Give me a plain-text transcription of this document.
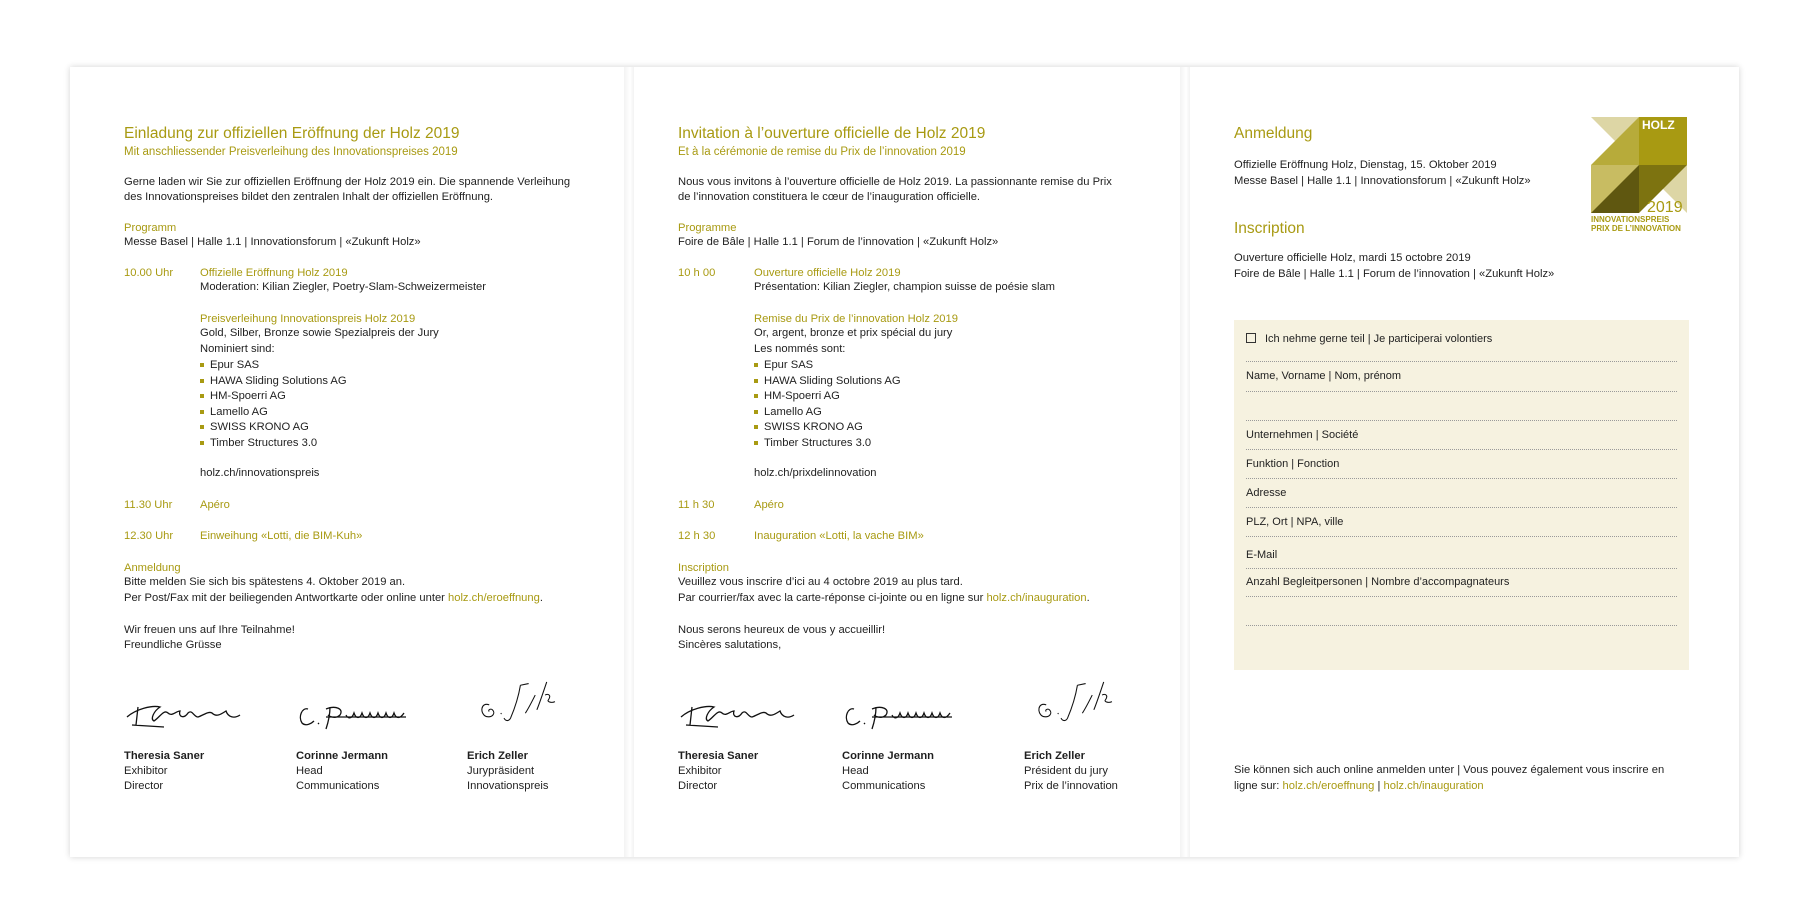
Einladung zur offiziellen Eröffnung der Holz 2019
Mit anschliessender Preisverleihung des Innovationspreises 2019
Gerne laden wir Sie zur offiziellen Eröffnung der Holz 2019 ein. Die spannende Verleihung
des Innovationspreises bildet den zentralen Inhalt der offiziellen Eröffnung.
Programm
Messe Basel | Halle 1.1 | Innovationsforum | «Zukunft Holz»
10.00 Uhr Offizielle Eröffnung Holz 2019
Moderation: Kilian Ziegler, Poetry-Slam-Schweizermeister
Preisverleihung Innovationspreis Holz 2019
Gold, Silber, Bronze sowie Spezialpreis der Jury
Nominiert sind:
Epur SAS
HAWA Sliding Solutions AG
HM-Spoerri AG
Lamello AG
SWISS KRONO AG
Timber Structures 3.0
holz.ch/innovationspreis
11.30 Uhr Apéro
12.30 Uhr Einweihung «Lotti, die BIM-Kuh»
Anmeldung
Bitte melden Sie sich bis spätestens 4. Oktober 2019 an.
Per Post/Fax mit der beiliegenden Antwortkarte oder online unter holz.ch/eroeffnung.
Wir freuen uns auf Ihre Teilnahme!
Freundliche Grüsse
Theresia Saner
Exhibitor
Director
Corinne Jermann
Head
Communications
Erich Zeller
Jurypräsident
Innovationspreis
Invitation à l’ouverture officielle de Holz 2019
Et à la cérémonie de remise du Prix de l’innovation 2019
Nous vous invitons à l’ouverture officielle de Holz 2019. La passionnante remise du Prix
de l’innovation constituera le cœur de l’inauguration officielle.
Programme
Foire de Bâle | Halle 1.1 | Forum de l’innovation | «Zukunft Holz»
10 h 00	Ouverture officielle Holz 2019
Présentation: Kilian Ziegler, champion suisse de poésie slam
Remise du Prix de l’innovation Holz 2019
Or, argent, bronze et prix spécial du jury
Les nommés sont:
Epur SAS
HAWA Sliding Solutions AG
HM-Spoerri AG
Lamello AG
SWISS KRONO AG
Timber Structures 3.0
holz.ch/prixdelinnovation
11 h 30	Apéro
12 h 30	Inauguration «Lotti, la vache BIM»
Inscription
Veuillez vous inscrire d’ici au 4 octobre 2019 au plus tard.
Par courrier/fax avec la carte-réponse ci-jointe ou en ligne sur holz.ch/inauguration.
Nous serons heureux de vous y accueillir!
Sincères salutations,
Theresia Saner
Exhibitor
Director
Corinne Jermann
Head
Communications
Erich Zeller
Président du jury
Prix de l’innovation
Anmeldung
Offizielle Eröffnung Holz, Dienstag, 15. Oktober 2019
Messe Basel | Halle 1.1 | Innovationsforum | «Zukunft Holz»
Inscription
Ouverture officielle Holz, mardi 15 octobre 2019
Foire de Bâle | Halle 1.1 | Forum de l’innovation | «Zukunft Holz»
HOLZ
2019
INNOVATIONSPREIS
PRIX DE L’INNOVATION
Ich nehme gerne teil | Je participerai volontiers
Name, Vorname | Nom, prénom
Unternehmen | Société
Funktion | Fonction
Adresse
PLZ, Ort | NPA, ville
E-Mail
Anzahl Begleitpersonen | Nombre d’accompagnateurs
Sie können sich auch online anmelden unter | Vous pouvez également vous inscrire en
ligne sur: holz.ch/eroeffnung | holz.ch/inauguration
